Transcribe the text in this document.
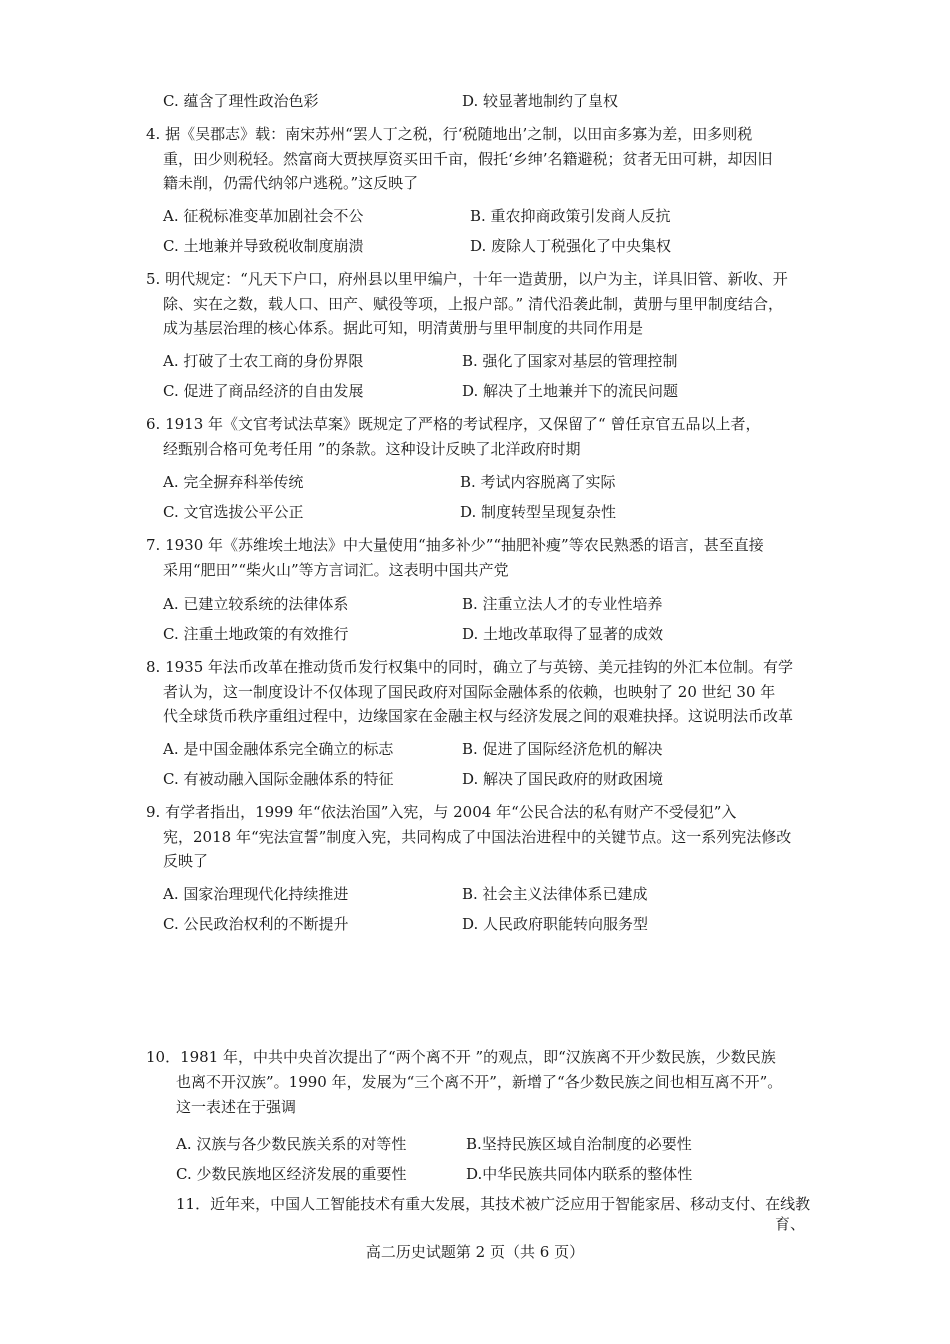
C. 蕴含了理性政治色彩	D. 较显著地制约了皇权
4. 据《吴郡志》载：南宋苏州“罢人丁之税，行‘税随地出’之制，以田亩多寡为差，田多则税
重，田少则税轻。然富商大贾挟厚资买田千亩，假托‘乡绅’名籍避税；贫者无田可耕，却因旧
籍未削，仍需代纳邻户逃税。”这反映了
A. 征税标准变革加剧社会不公	B. 重农抑商政策引发商人反抗
C. 土地兼并导致税收制度崩溃	D. 废除人丁税强化了中央集权
5. 明代规定：“凡天下户口，府州县以里甲编户，十年一造黄册，以户为主，详具旧管、新收、开
除、实在之数，载人口、田产、赋役等项，上报户部。” 清代沿袭此制，黄册与里甲制度结合，
成为基层治理的核心体系。据此可知，明清黄册与里甲制度的共同作用是
A. 打破了士农工商的身份界限	B. 强化了国家对基层的管理控制
C. 促进了商品经济的自由发展	D. 解决了土地兼并下的流民问题
6. 1913 年《文官考试法草案》既规定了严格的考试程序，又保留了“ 曾任京官五品以上者，
经甄别合格可免考任用 ”的条款。这种设计反映了北洋政府时期
A. 完全摒弃科举传统	B. 考试内容脱离了实际
C. 文官选拔公平公正	D. 制度转型呈现复杂性
7. 1930 年《苏维埃土地法》中大量使用“抽多补少”“抽肥补瘦”等农民熟悉的语言，甚至直接
采用“肥田”“柴火山”等方言词汇。这表明中国共产党
A. 已建立较系统的法律体系	B. 注重立法人才的专业性培养
C. 注重土地政策的有效推行	D. 土地改革取得了显著的成效
8. 1935 年法币改革在推动货币发行权集中的同时，确立了与英镑、美元挂钩的外汇本位制。有学
者认为，这一制度设计不仅体现了国民政府对国际金融体系的依赖，也映射了 20 世纪 30 年
代全球货币秩序重组过程中，边缘国家在金融主权与经济发展之间的艰难抉择。这说明法币改革
A. 是中国金融体系完全确立的标志	B. 促进了国际经济危机的解决
C. 有被动融入国际金融体系的特征	D. 解决了国民政府的财政困境
9. 有学者指出，1999 年“依法治国”入宪，与 2004 年“公民合法的私有财产不受侵犯”入
宪，2018 年“宪法宣誓”制度入宪，共同构成了中国法治进程中的关键节点。这一系列宪法修改
反映了
A. 国家治理现代化持续推进	B. 社会主义法律体系已建成
C. 公民政治权利的不断提升	D. 人民政府职能转向服务型
10．1981 年，中共中央首次提出了“两个离不开 ”的观点，即“汉族离不开少数民族，少数民族
也离不开汉族”。1990 年，发展为“三个离不开”，新增了“各少数民族之间也相互离不开”。
这一表述在于强调
A. 汉族与各少数民族关系的对等性	B.坚持民族区域自治制度的必要性
C. 少数民族地区经济发展的重要性	D.中华民族共同体内联系的整体性
11．近年来，中国人工智能技术有重大发展，其技术被广泛应用于智能家居、移动支付、在线教
育、
高二历史试题第 2 页（共 6 页）
